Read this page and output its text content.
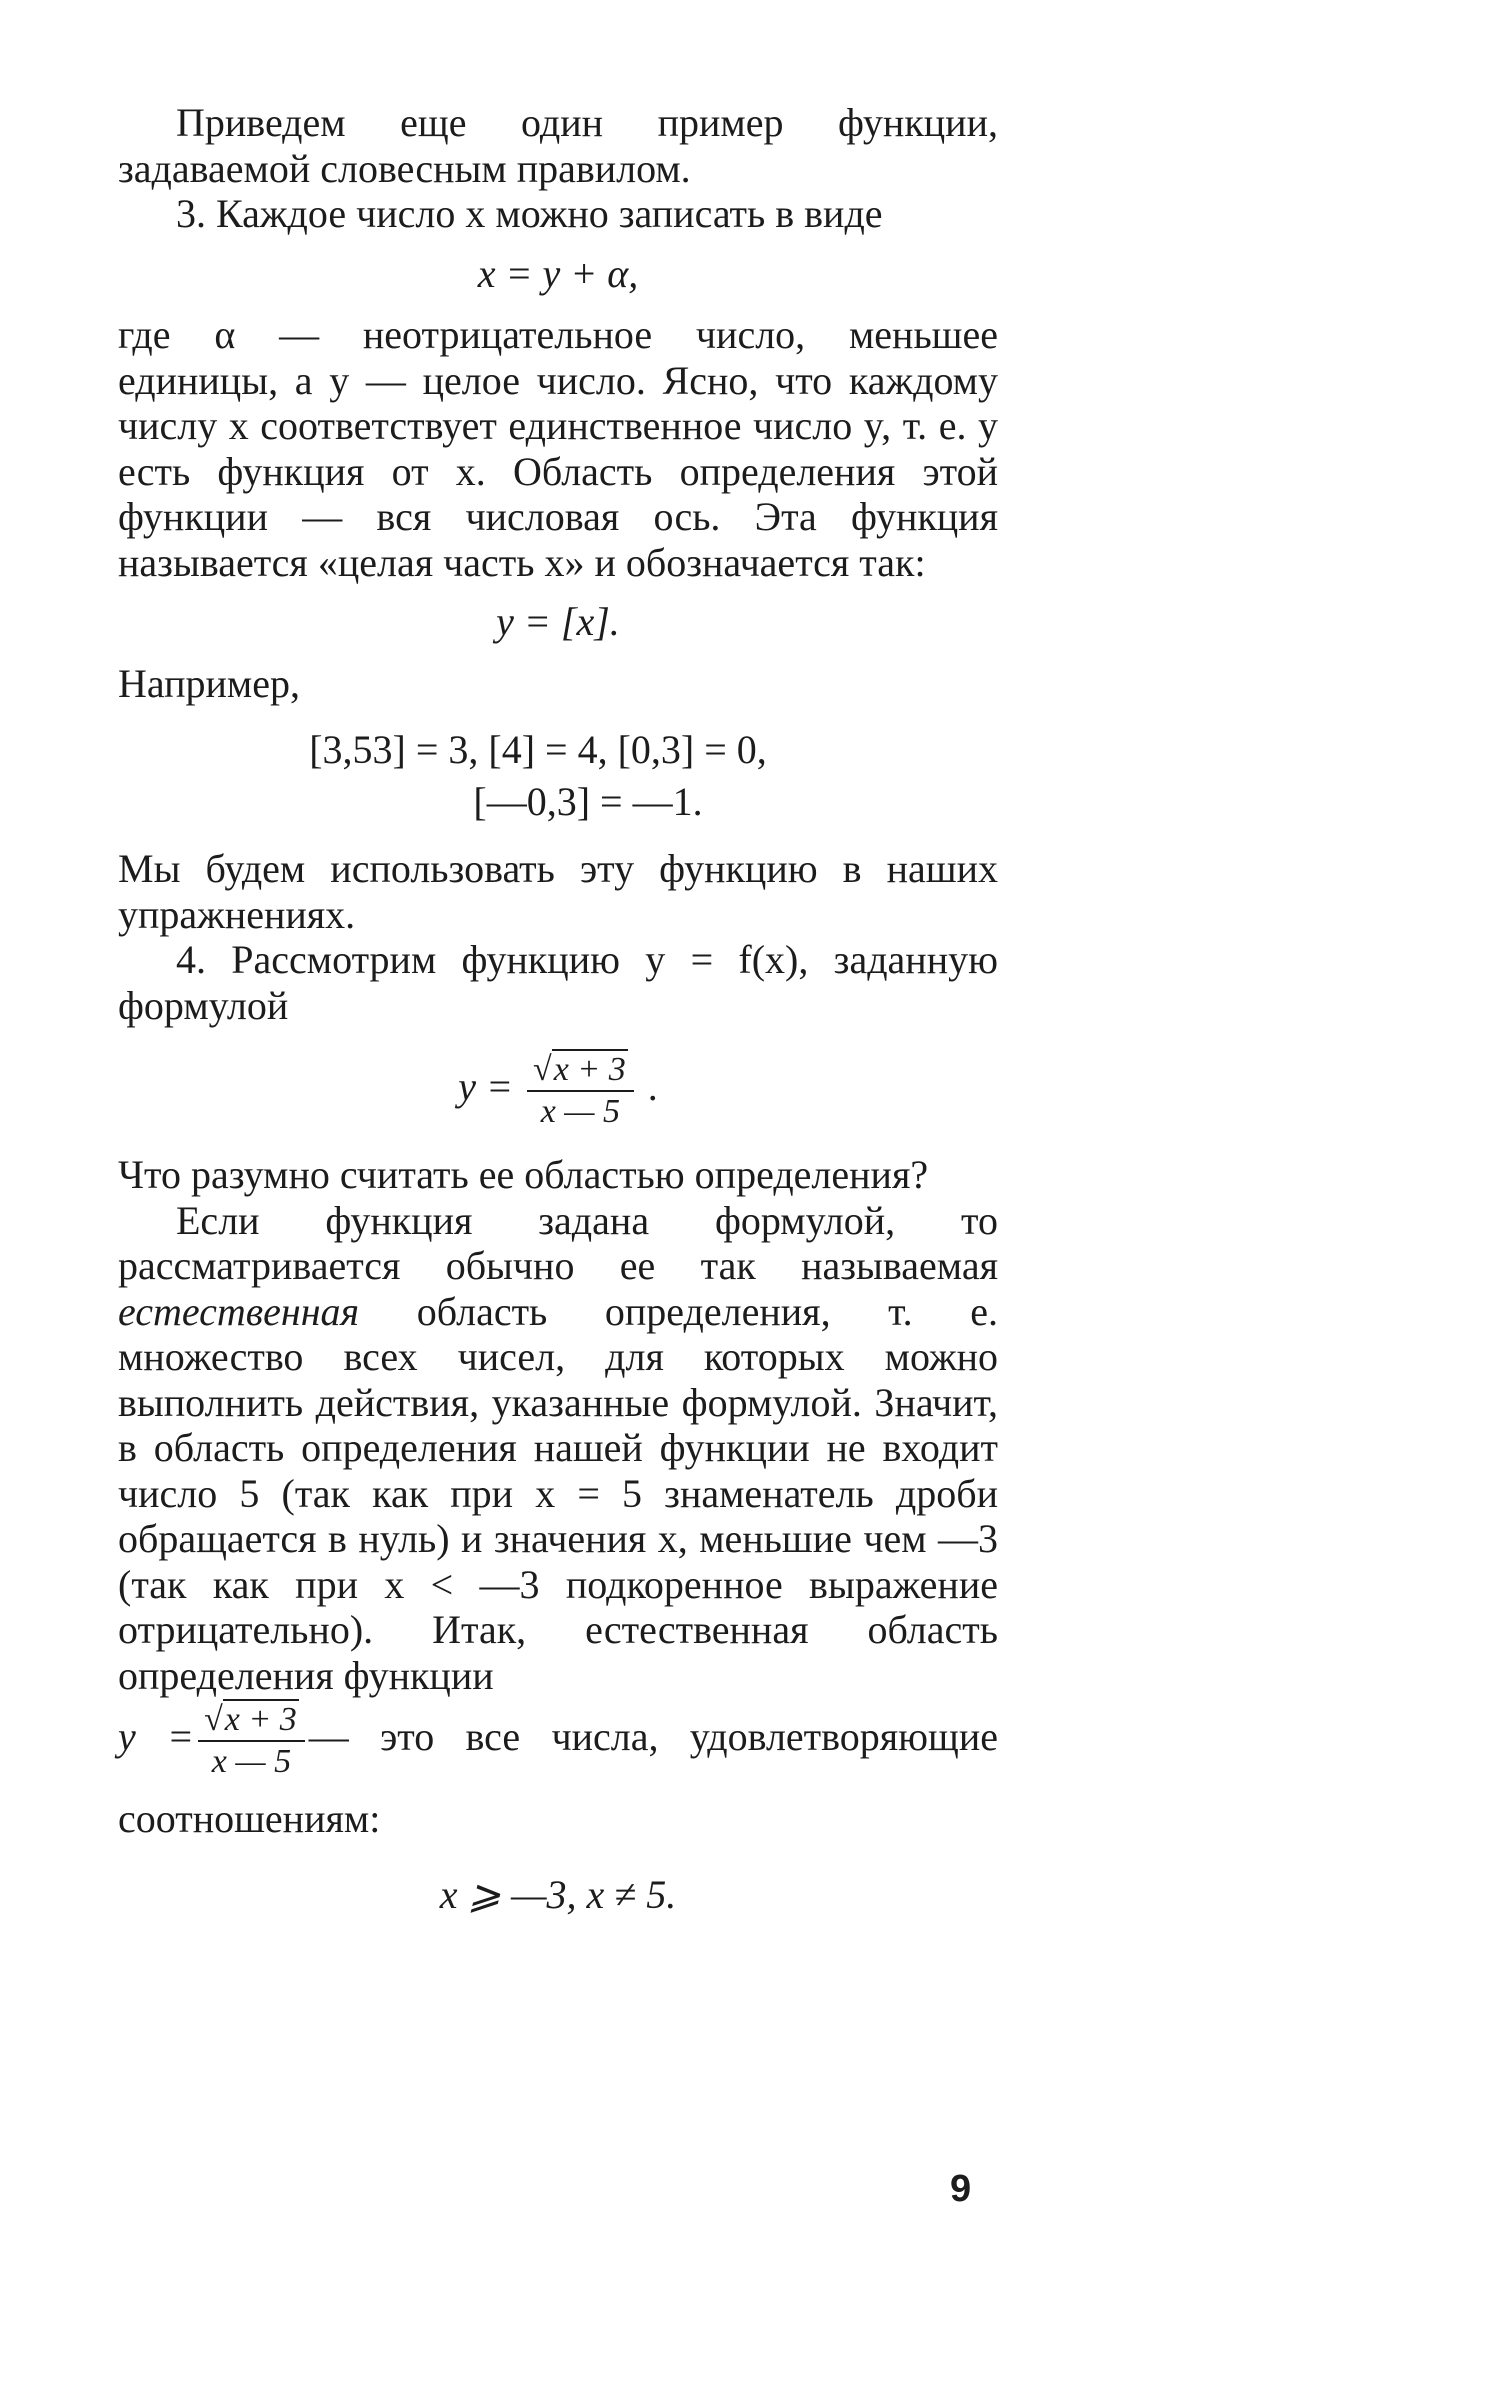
Приведем еще один пример функции, задаваемой словесным правилом.

3. Каждое число x можно записать в виде

x = y + α,

где α — неотрицательное число, меньшее единицы, а y — целое число. Ясно, что каждому числу x соответствует единственное число y, т. е. y есть функция от x. Область определения этой функции — вся числовая ось. Эта функция называется «целая часть x» и обозначается так:

y = [x].

Например,

[3,53] = 3, [4] = 4, [0,3] = 0,
[—0,3] = —1.

Мы будем использовать эту функцию в наших упражнениях.

4. Рассмотрим функцию y = f(x), заданную формулой

$y = \frac{√x + 3}{x — 5}$ .

Что разумно считать ее областью определения?

Если функция задана формулой, то рассматривается обычно ее так называемая естественная область определения, т. е. множество всех чисел, для которых можно выполнить действия, указанные формулой. Значит, в область определения нашей функции не входит число 5 (так как при x = 5 знаменатель дроби обращается в нуль) и значения x, меньшие чем —3 (так как при x < —3 подкоренное выражение отрицательно). Итак, естественная область определения функции

$y = \frac{√x + 3}{x — 5}$ — это все числа, удовлетворяющие соотношениям:

x ⩾ —3, x ≠ 5.
9
